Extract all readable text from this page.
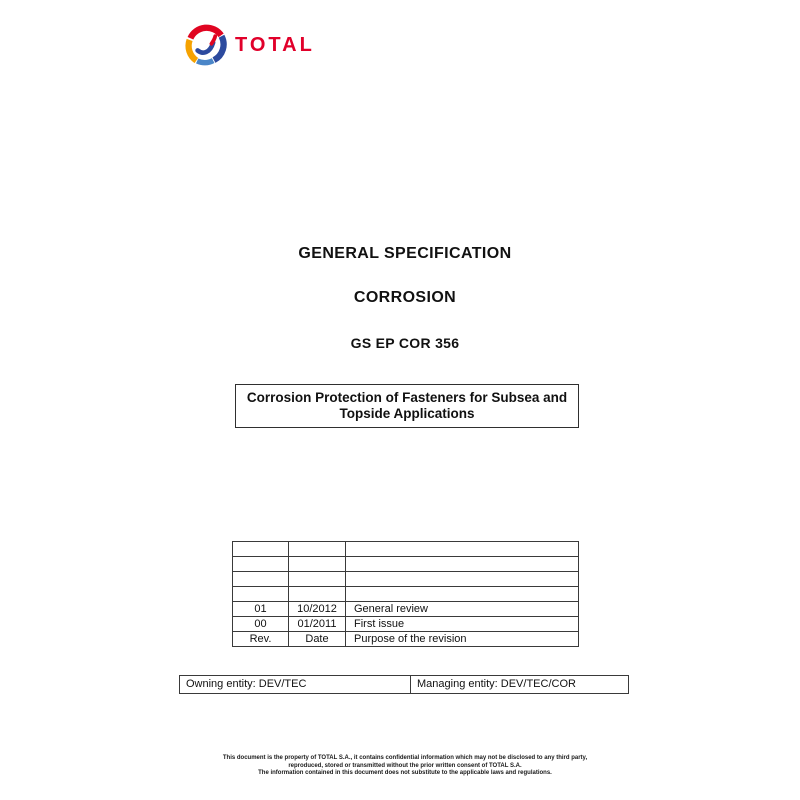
TOTAL
GENERAL SPECIFICATION
CORROSION
GS EP COR 356
Corrosion Protection of Fasteners for Subsea and
Topside Applications

01	10/2012	General review
00	01/2011	First issue
Rev.	Date	Purpose of the revision
Owning entity: DEV/TEC	Managing entity: DEV/TEC/COR
This document is the property of TOTAL S.A., it contains confidential information which may not be disclosed to any third party,
reproduced, stored or transmitted without the prior written consent of TOTAL S.A.
The information contained in this document does not substitute to the applicable laws and regulations.
